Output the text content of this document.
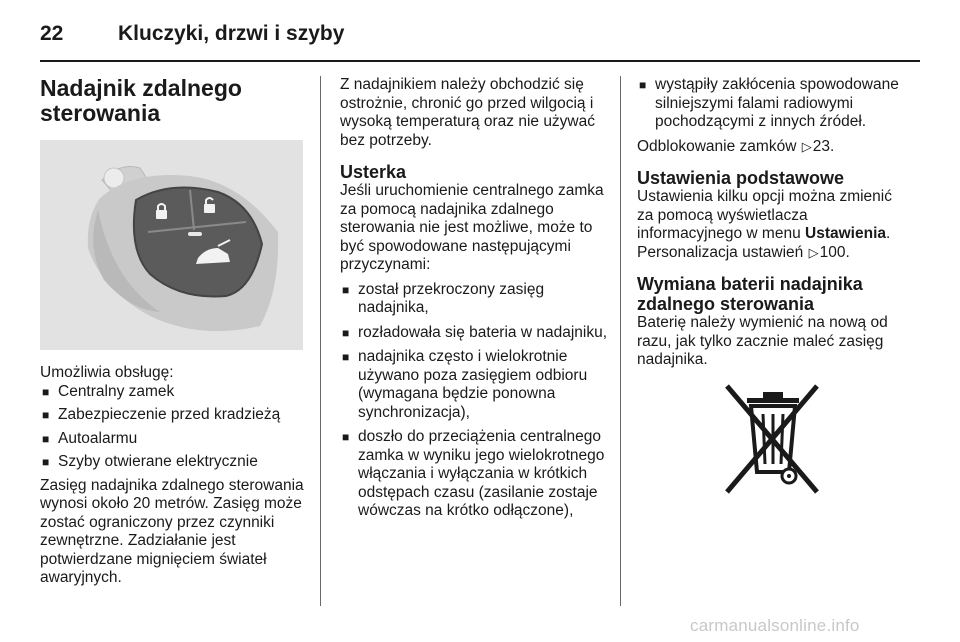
22	Kluczyki, drzwi i szyby
Nadajnik zdalnego sterowania

Umożliwia obsługę:

■ Centralny zamek
■ Zabezpieczenie przed kradzieżą
■ Autoalarmu
■ Szyby otwierane elektrycznie

Zasięg nadajnika zdalnego sterowania wynosi około 20 metrów. Zasięg może zostać ograniczony przez czynniki zewnętrzne. Zadziałanie jest potwierdzane mignięciem świateł awaryjnych.

Z nadajnikiem należy obchodzić się ostrożnie, chronić go przed wilgocią i wysoką temperaturą oraz nie używać bez potrzeby.

Usterka

Jeśli uruchomienie centralnego zamka za pomocą nadajnika zdalnego sterowania nie jest możliwe, może to być spowodowane następującymi przyczynami:

■ został przekroczony zasięg nadajnika,
■ rozładowała się bateria w nadajniku,
■ nadajnika często i wielokrotnie używano poza zasięgiem odbioru (wymagana będzie ponowna synchronizacja),
■ doszło do przeciążenia centralnego zamka w wyniku jego wielokrotnego włączania i wyłączania w krótkich odstępach czasu (zasilanie zostaje wówczas na krótko odłączone),
■ wystąpiły zakłócenia spowodowane silniejszymi falami radiowymi pochodzącymi z innych źródeł.

Odblokowanie zamków ▷23.

Ustawienia podstawowe

Ustawienia kilku opcji można zmienić za pomocą wyświetlacza informacyjnego w menu Ustawienia. Personalizacja ustawień ▷100.

Wymiana baterii nadajnika zdalnego sterowania

Baterię należy wymienić na nową od razu, jak tylko zacznie maleć zasięg nadajnika.

carmanualsonline.info
